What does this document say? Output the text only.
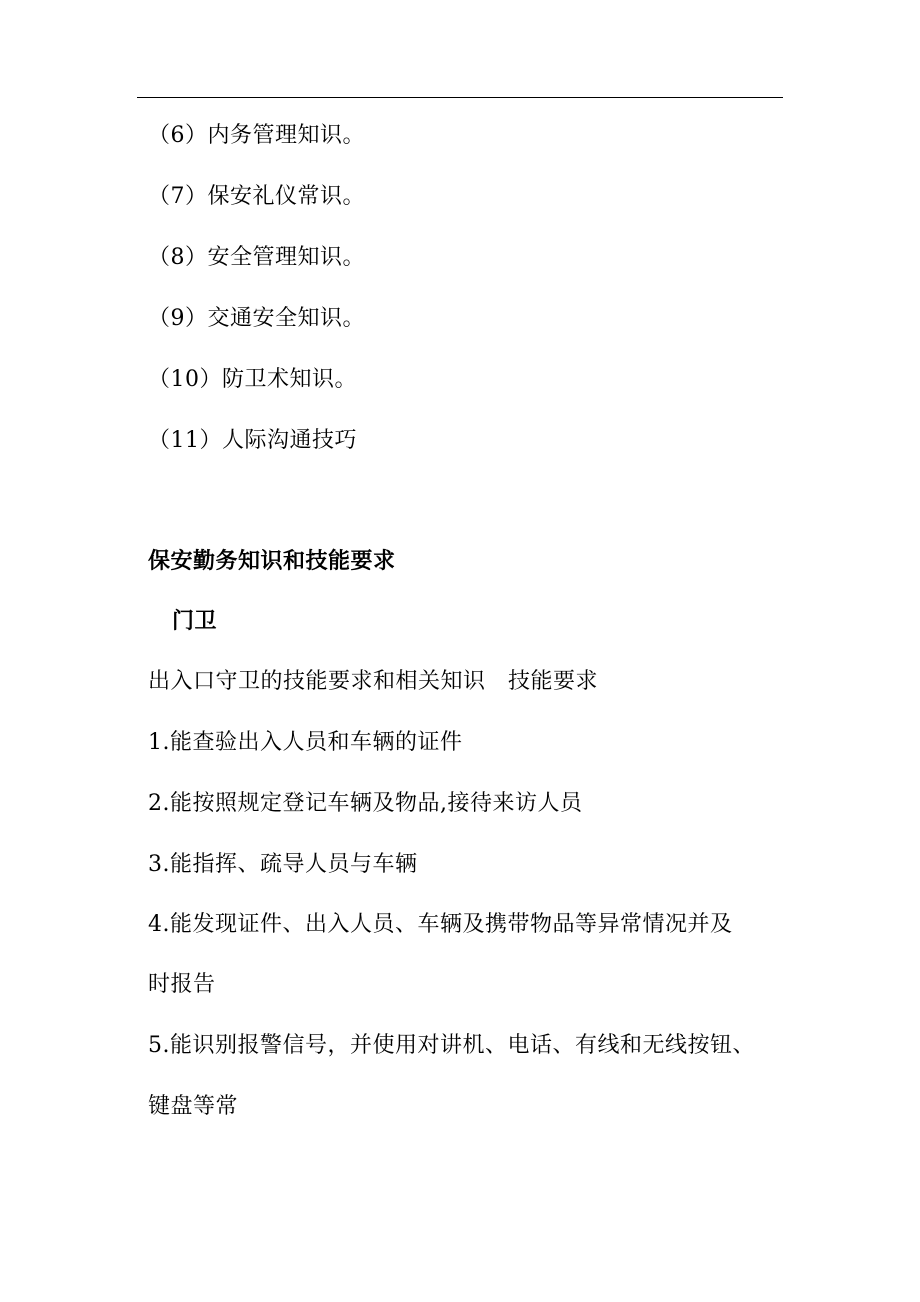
（6）内务管理知识。
（7）保安礼仪常识。
（8）安全管理知识。
（9）交通安全知识。
（10）防卫术知识。
（11）人际沟通技巧
保安勤务知识和技能要求
门卫
出入口守卫的技能要求和相关知识　技能要求
1.能查验出入人员和车辆的证件
2.能按照规定登记车辆及物品,接待来访人员
3.能指挥、疏导人员与车辆
4.能发现证件、出入人员、车辆及携带物品等异常情况并及
时报告
5.能识别报警信号，并使用对讲机、电话、有线和无线按钮、
键盘等常
